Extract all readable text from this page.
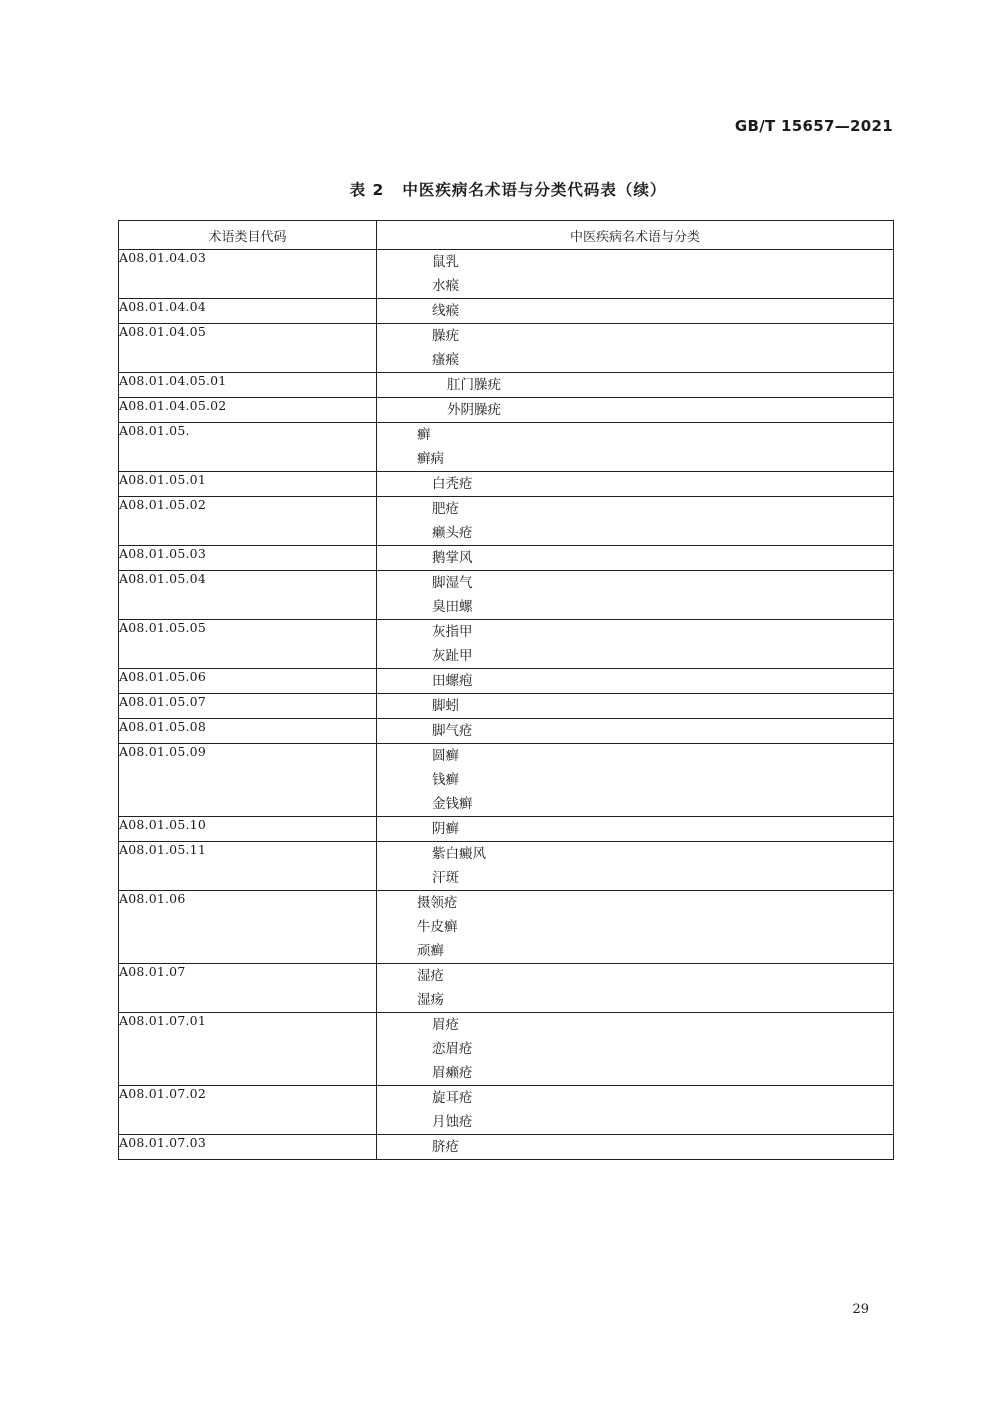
GB/T 15657—2021
表 2 中医疾病名术语与分类代码表（续）
术语类目代码	中医疾病名术语与分类
A08.01.04.03	鼠乳
水瘊

A08.01.04.04	线瘊

A08.01.04.05	臊疣
瘙瘊

A08.01.04.05.01	肛门臊疣

A08.01.04.05.02	外阴臊疣

A08.01.05.	癣
癣病

A08.01.05.01	白秃疮

A08.01.05.02	肥疮
癞头疮

A08.01.05.03	鹅掌风

A08.01.05.04	脚湿气
臭田螺

A08.01.05.05	灰指甲
灰趾甲

A08.01.05.06	田螺疱

A08.01.05.07	脚蚓

A08.01.05.08	脚气疮

A08.01.05.09	圆癣
钱癣
金钱癣

A08.01.05.10	阴癣

A08.01.05.11	紫白癜风
汗斑

A08.01.06	摄领疮
牛皮癣
顽癣

A08.01.07	湿疮
湿疡

A08.01.07.01	眉疮
恋眉疮
眉癞疮

A08.01.07.02	旋耳疮
月蚀疮

A08.01.07.03	脐疮
29
